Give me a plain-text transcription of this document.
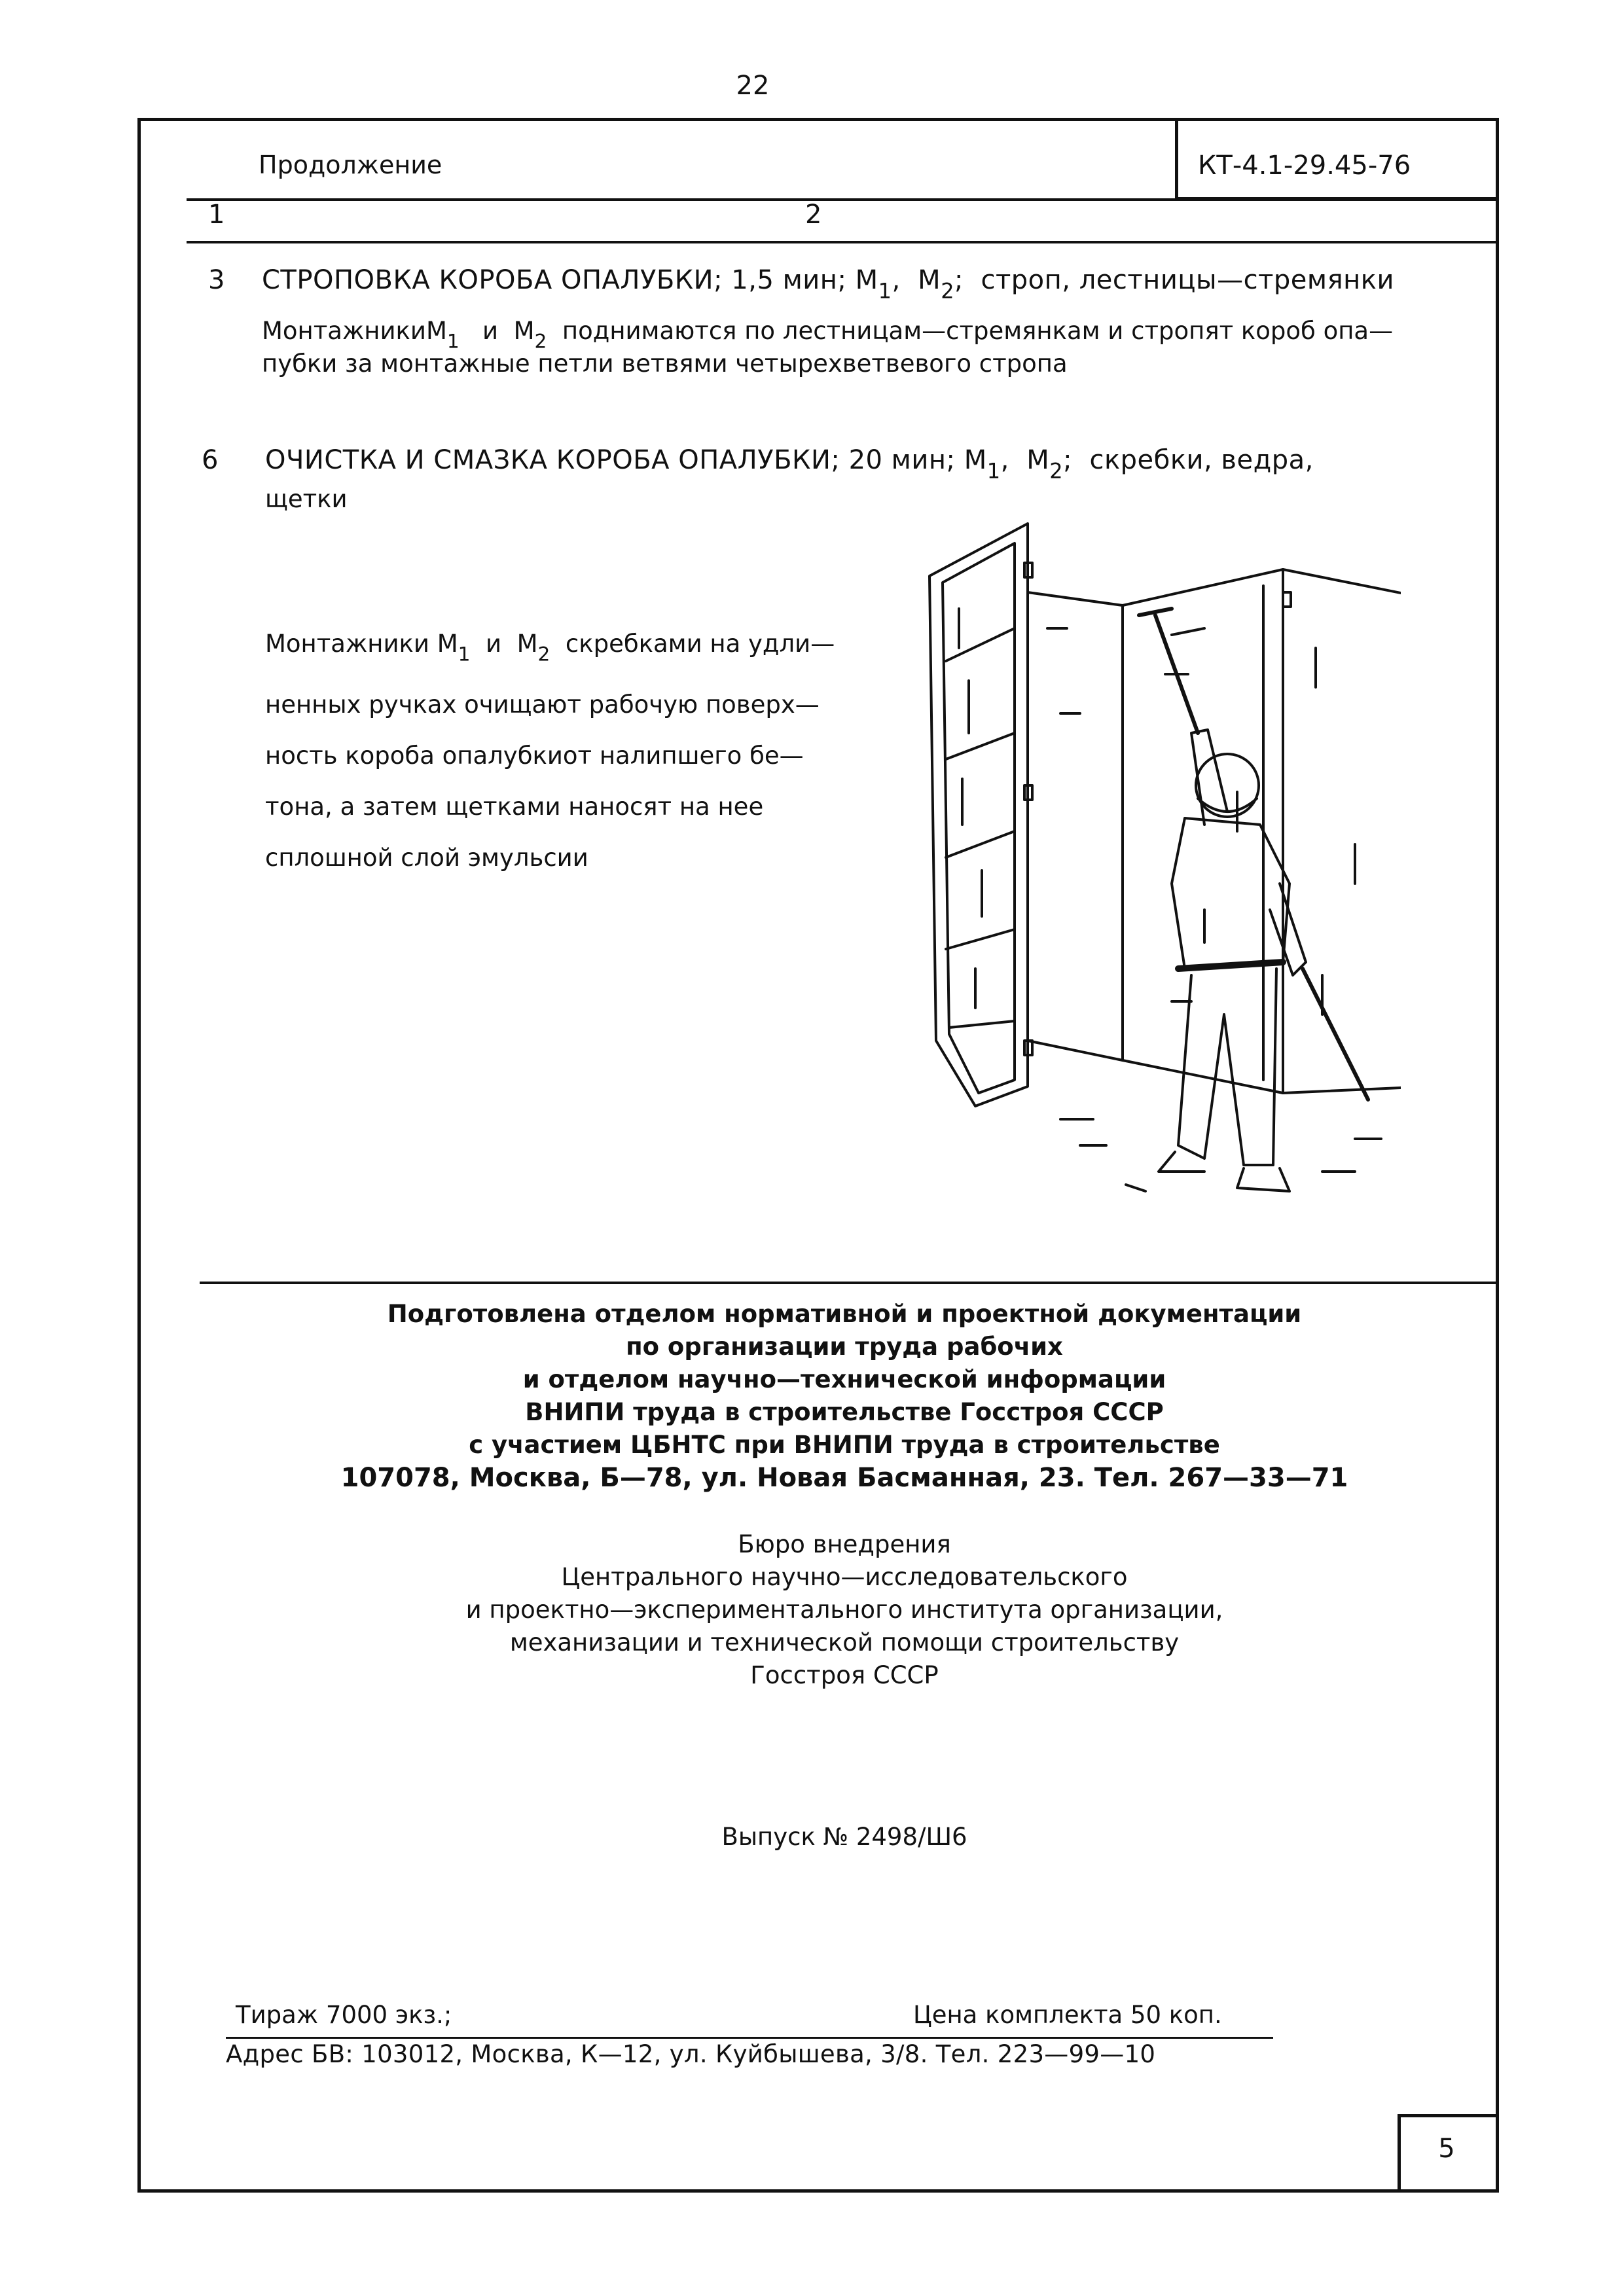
22
Продолжение	КТ-4.1-29.45-76
1	2
3 СТРОПОВКА КОРОБА ОПАЛУБКИ; 1,5 мин; $М_1$,  $М_2$;  строп, лестницы—стремянки
МонтажникиМ$_1$ и $М_2$ поднимаются по лестницам—стремянкам и стропят короб опа—
пубки за монтажные петли ветвями четырехветвевого стропа
6 ОЧИСТКА И СМАЗКА КОРОБА ОПАЛУБКИ; 20 мин; $М_1$,  $М_2$;  скребки, ведра,
щетки
Монтажники $М_1$ и $М_2$ скребками на удли—
ненных ручках очищают рабочую поверх—
ность короба опалубкиот налипшего бе—
тона, а затем щетками наносят на нее
сплошной слой эмульсии
Подготовлена отделом нормативной и проектной документации
по организации труда рабочих
и отделом научно—технической информации
ВНИПИ труда в строительстве Госстроя СССР
с участием ЦБНТС при ВНИПИ труда в строительстве
107078, Москва, Б—78, ул. Новая Басманная, 23. Тел. 267—33—71
Бюро внедрения
Центрального научно—исследовательского
и проектно—экспериментального института организации,
механизации и технической помощи строительству
Госстроя СССР
Выпуск № 2498/Ш6
Тираж 7000 экз.;	Цена комплекта 50 коп.
Адрес БВ: 103012, Москва, К—12, ул. Куйбышева, 3/8. Тел. 223—99—10
5
